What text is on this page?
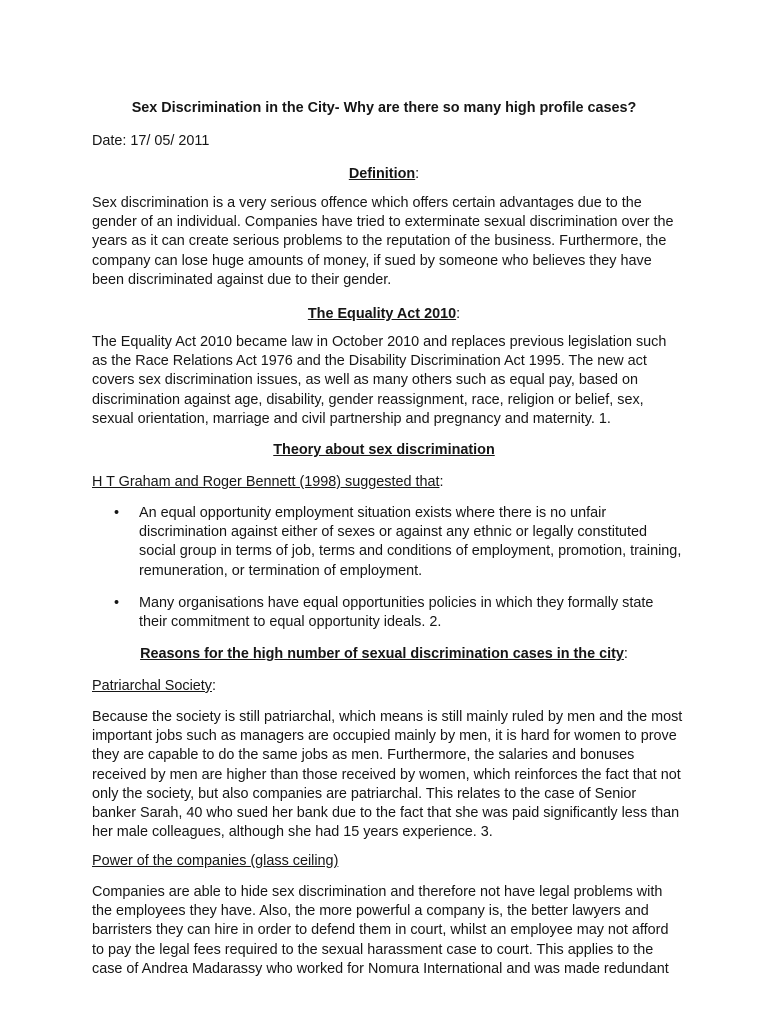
Sex Discrimination in the City- Why are there so many high profile cases?
Date: 17/ 05/ 2011
Definition:
Sex discrimination is a very serious offence which offers certain advantages due to the
gender of an individual. Companies have tried to exterminate sexual discrimination over the
years as it can create serious problems to the reputation of the business. Furthermore, the
company can lose huge amounts of money, if sued by someone who believes they have
been discriminated against due to their gender.
The Equality Act 2010:
The Equality Act 2010 became law in October 2010 and replaces previous legislation such
as the Race Relations Act 1976 and the Disability Discrimination Act 1995. The new act
covers sex discrimination issues, as well as many others such as equal pay, based on
discrimination against age, disability, gender reassignment, race, religion or belief, sex,
sexual orientation, marriage and civil partnership and pregnancy and maternity. 1.
Theory about sex discrimination
H T Graham and Roger Bennett (1998) suggested that:
• An equal opportunity employment situation exists where there is no unfair
discrimination against either of sexes or against any ethnic or legally constituted
social group in terms of job, terms and conditions of employment, promotion, training,
remuneration, or termination of employment.
• Many organisations have equal opportunities policies in which they formally state
their commitment to equal opportunity ideals. 2.
Reasons for the high number of sexual discrimination cases in the city:
Patriarchal Society:
Because the society is still patriarchal, which means is still mainly ruled by men and the most
important jobs such as managers are occupied mainly by men, it is hard for women to prove
they are capable to do the same jobs as men. Furthermore, the salaries and bonuses
received by men are higher than those received by women, which reinforces the fact that not
only the society, but also companies are patriarchal. This relates to the case of Senior
banker Sarah, 40 who sued her bank due to the fact that she was paid significantly less than
her male colleagues, although she had 15 years experience. 3.
Power of the companies (glass ceiling)
Companies are able to hide sex discrimination and therefore not have legal problems with
the employees they have. Also, the more powerful a company is, the better lawyers and
barristers they can hire in order to defend them in court, whilst an employee may not afford
to pay the legal fees required to the sexual harassment case to court. This applies to the
case of Andrea Madarassy who worked for Nomura International and was made redundant
